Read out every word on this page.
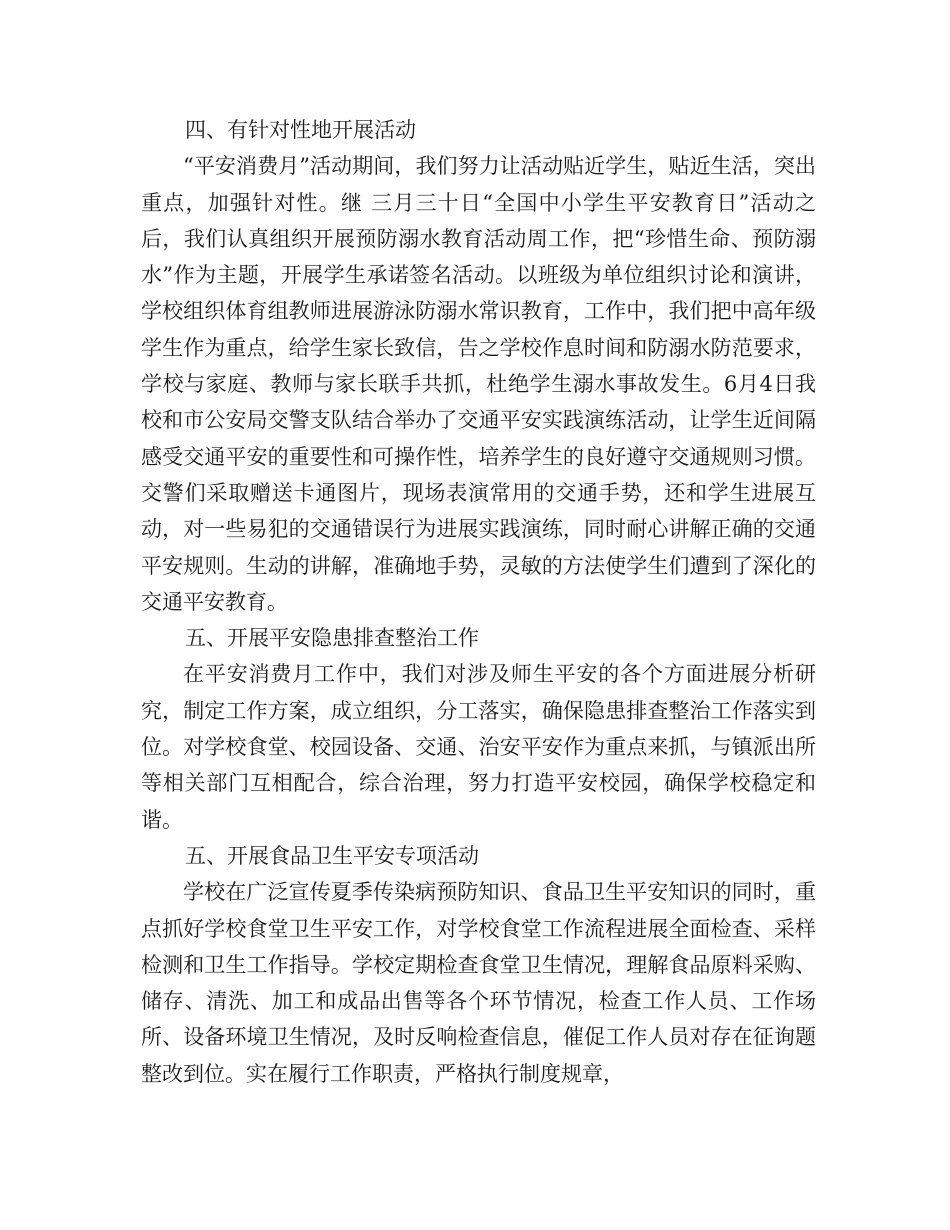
四、有针对性地开展活动

“平安消费月”活动期间，我们努力让活动贴近学生，贴近生活，突出重点，加强针对性。继 三月三十日“全国中小学生平安教育日”活动之后，我们认真组织开展预防溺水教育活动周工作，把“珍惜生命、预防溺水”作为主题，开展学生承诺签名活动。以班级为单位组织讨论和演讲，学校组织体育组教师进展游泳防溺水常识教育，工作中，我们把中高年级学生作为重点，给学生家长致信，告之学校作息时间和防溺水防范要求，学校与家庭、教师与家长联手共抓，杜绝学生溺水事故发生。6月4日我校和市公安局交警支队结合举办了交通平安实践演练活动，让学生近间隔感受交通平安的重要性和可操作性，培养学生的良好遵守交通规则习惯。交警们采取赠送卡通图片，现场表演常用的交通手势，还和学生进展互动，对一些易犯的交通错误行为进展实践演练，同时耐心讲解正确的交通平安规则。生动的讲解，准确地手势，灵敏的方法使学生们遭到了深化的交通平安教育。

五、开展平安隐患排查整治工作

在平安消费月工作中，我们对涉及师生平安的各个方面进展分析研究，制定工作方案，成立组织，分工落实，确保隐患排查整治工作落实到位。对学校食堂、校园设备、交通、治安平安作为重点来抓，与镇派出所等相关部门互相配合，综合治理，努力打造平安校园，确保学校稳定和谐。

五、开展食品卫生平安专项活动

学校在广泛宣传夏季传染病预防知识、食品卫生平安知识的同时，重点抓好学校食堂卫生平安工作，对学校食堂工作流程进展全面检查、采样检测和卫生工作指导。学校定期检查食堂卫生情况，理解食品原料采购、储存、清洗、加工和成品出售等各个环节情况，检查工作人员、工作场所、设备环境卫生情况，及时反响检查信息，催促工作人员对存在征询题整改到位。实在履行工作职责，严格执行制度规章，
